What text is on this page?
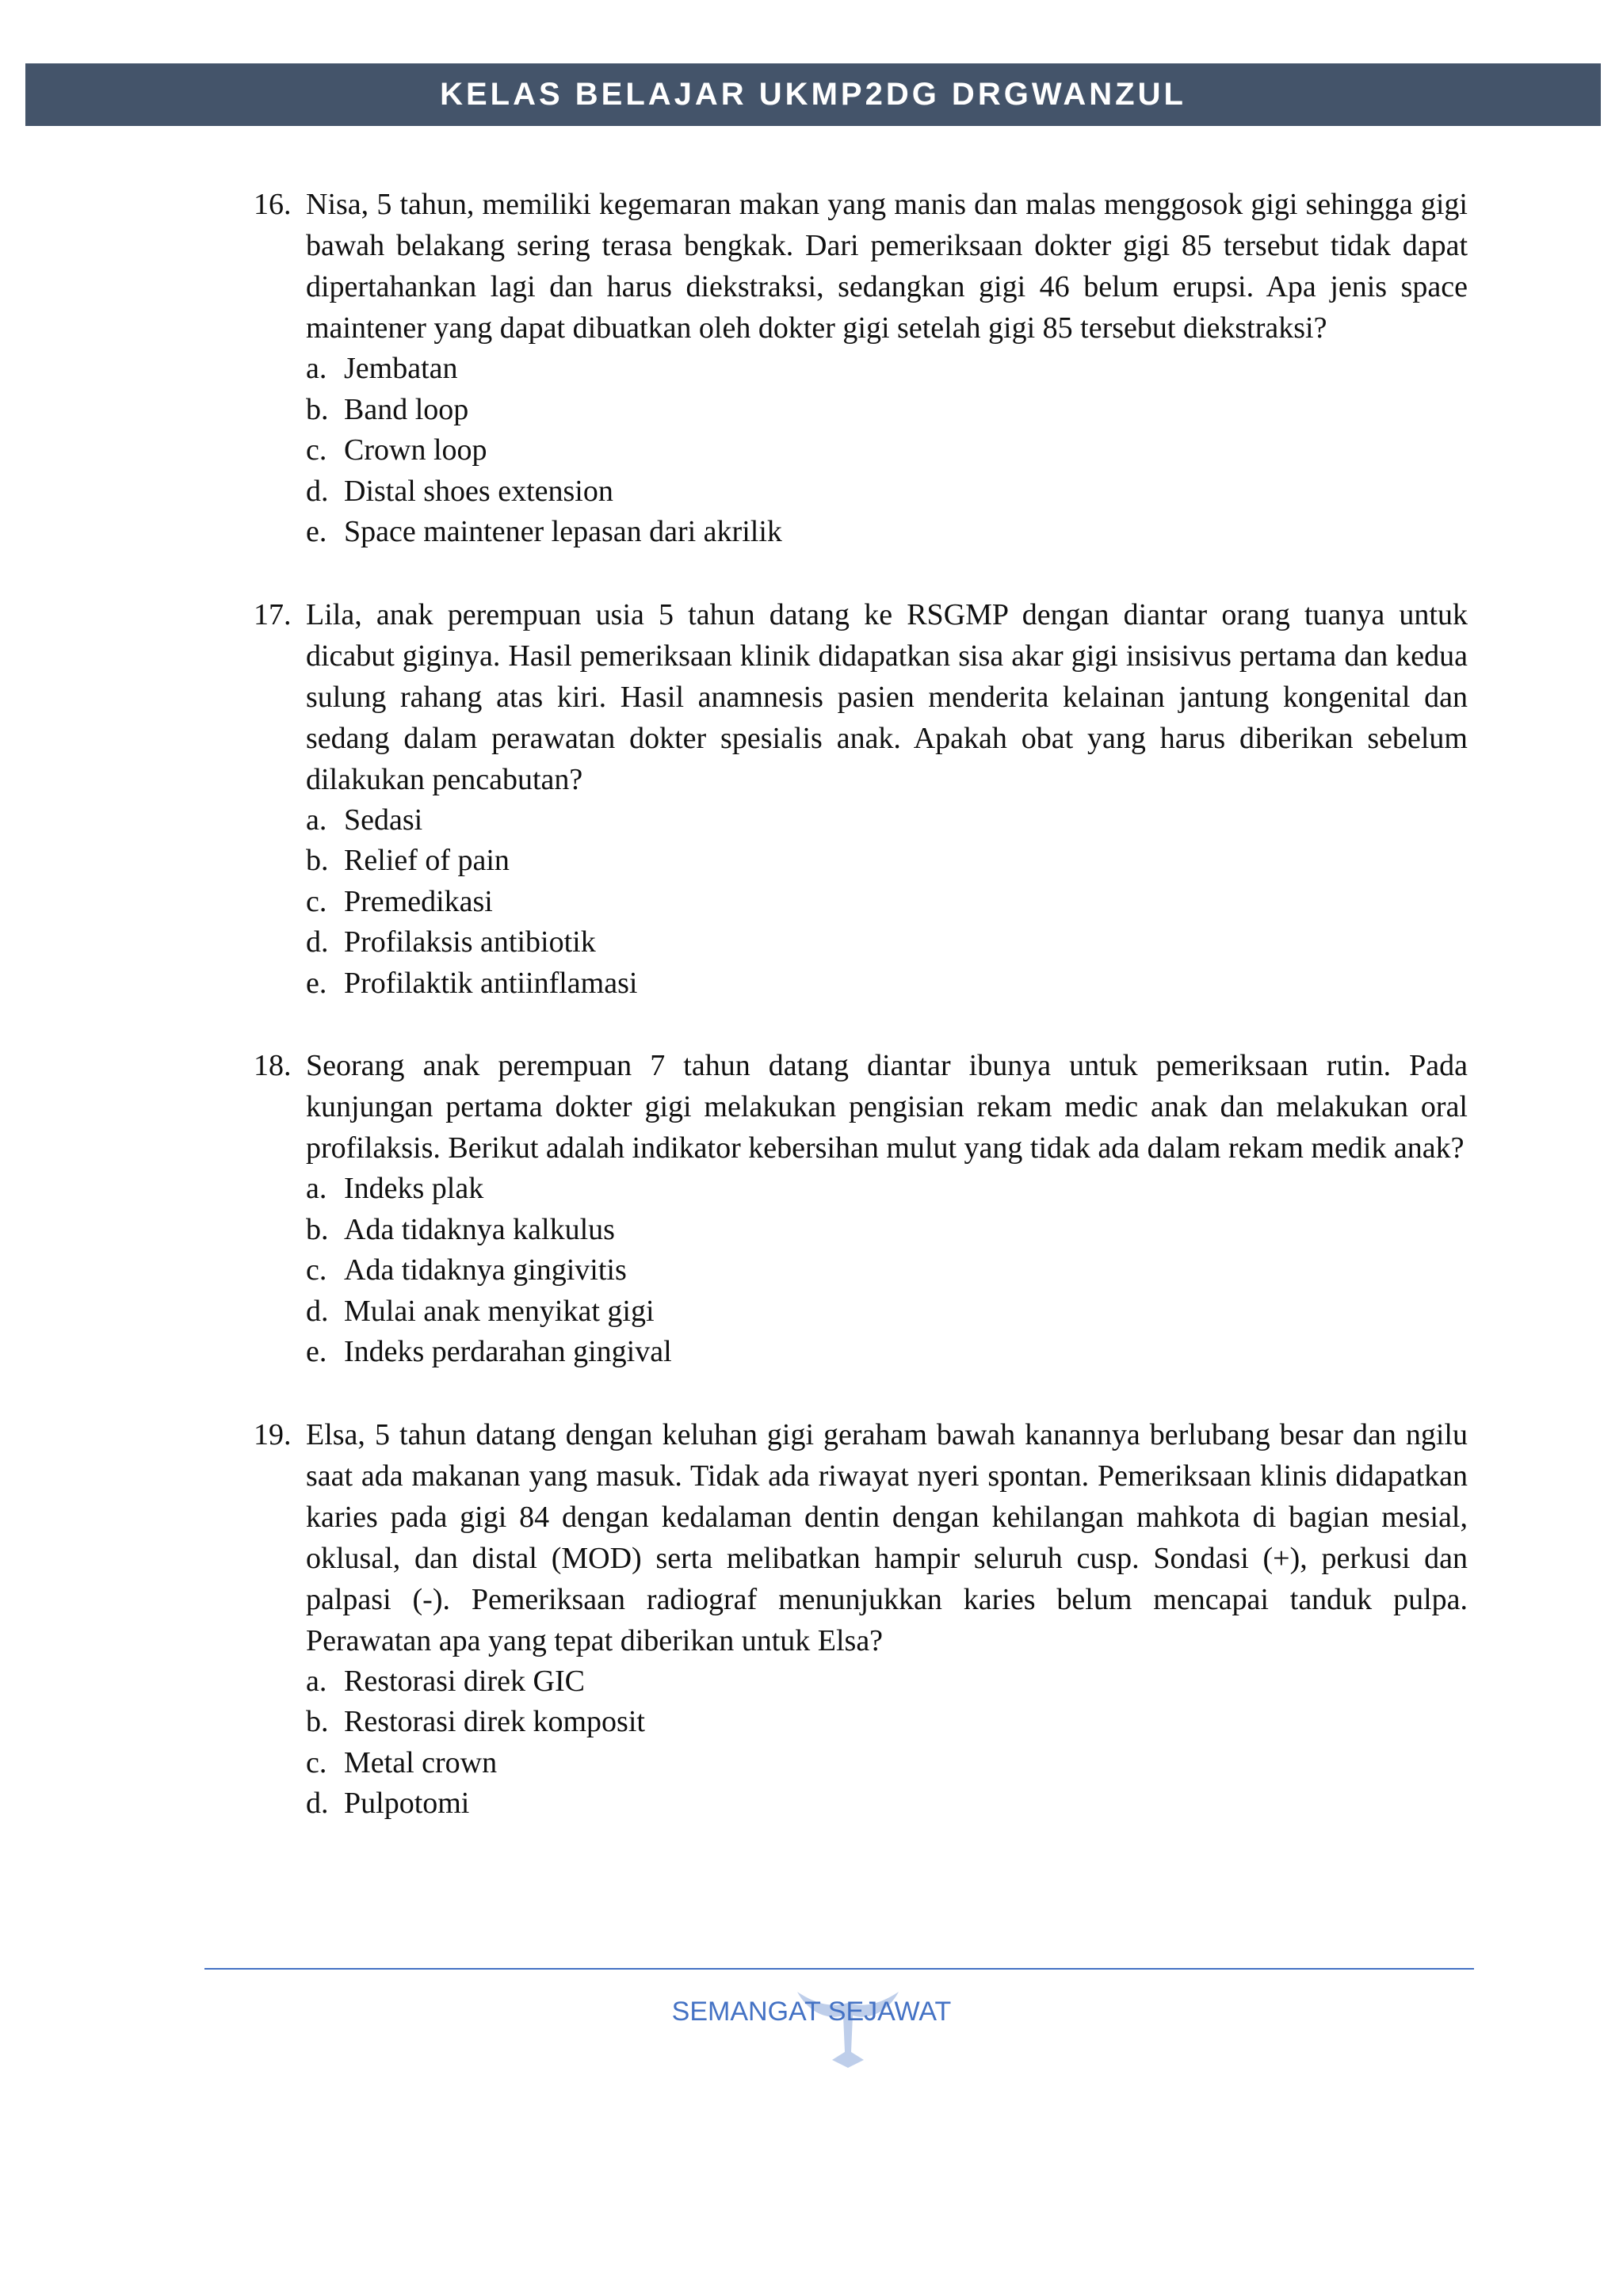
KELAS BELAJAR UKMP2DG DRGWANZUL
16. Nisa, 5 tahun, memiliki kegemaran makan yang manis dan malas menggosok gigi sehingga gigi bawah belakang sering terasa bengkak. Dari pemeriksaan dokter gigi 85 tersebut tidak dapat dipertahankan lagi dan harus diekstraksi, sedangkan gigi 46 belum erupsi. Apa jenis space maintener yang dapat dibuatkan oleh dokter gigi setelah gigi 85 tersebut diekstraksi?
a. Jembatan
b. Band loop
c. Crown loop
d. Distal shoes extension
e. Space maintener lepasan dari akrilik
17. Lila, anak perempuan usia 5 tahun datang ke RSGMP dengan diantar orang tuanya untuk dicabut giginya. Hasil pemeriksaan klinik didapatkan sisa akar gigi insisivus pertama dan kedua sulung rahang atas kiri. Hasil anamnesis pasien menderita kelainan jantung kongenital dan sedang dalam perawatan dokter spesialis anak. Apakah obat yang harus diberikan sebelum dilakukan pencabutan?
a. Sedasi
b. Relief of pain
c. Premedikasi
d. Profilaksis antibiotik
e. Profilaktik antiinflamasi
18. Seorang anak perempuan 7 tahun datang diantar ibunya untuk pemeriksaan rutin. Pada kunjungan pertama dokter gigi melakukan pengisian rekam medic anak dan melakukan oral profilaksis. Berikut adalah indikator kebersihan mulut yang tidak ada dalam rekam medik anak?
a. Indeks plak
b. Ada tidaknya kalkulus
c. Ada tidaknya gingivitis
d. Mulai anak menyikat gigi
e. Indeks perdarahan gingival
19. Elsa, 5 tahun datang dengan keluhan gigi geraham bawah kanannya berlubang besar dan ngilu saat ada makanan yang masuk. Tidak ada riwayat nyeri spontan. Pemeriksaan klinis didapatkan karies pada gigi 84 dengan kedalaman dentin dengan kehilangan mahkota di bagian mesial, oklusal, dan distal (MOD) serta melibatkan hampir seluruh cusp. Sondasi (+), perkusi dan palpasi (-). Pemeriksaan radiograf menunjukkan karies belum mencapai tanduk pulpa. Perawatan apa yang tepat diberikan untuk Elsa?
a. Restorasi direk GIC
b. Restorasi direk komposit
c. Metal crown
d. Pulpotomi
SEMANGAT SEJAWAT
